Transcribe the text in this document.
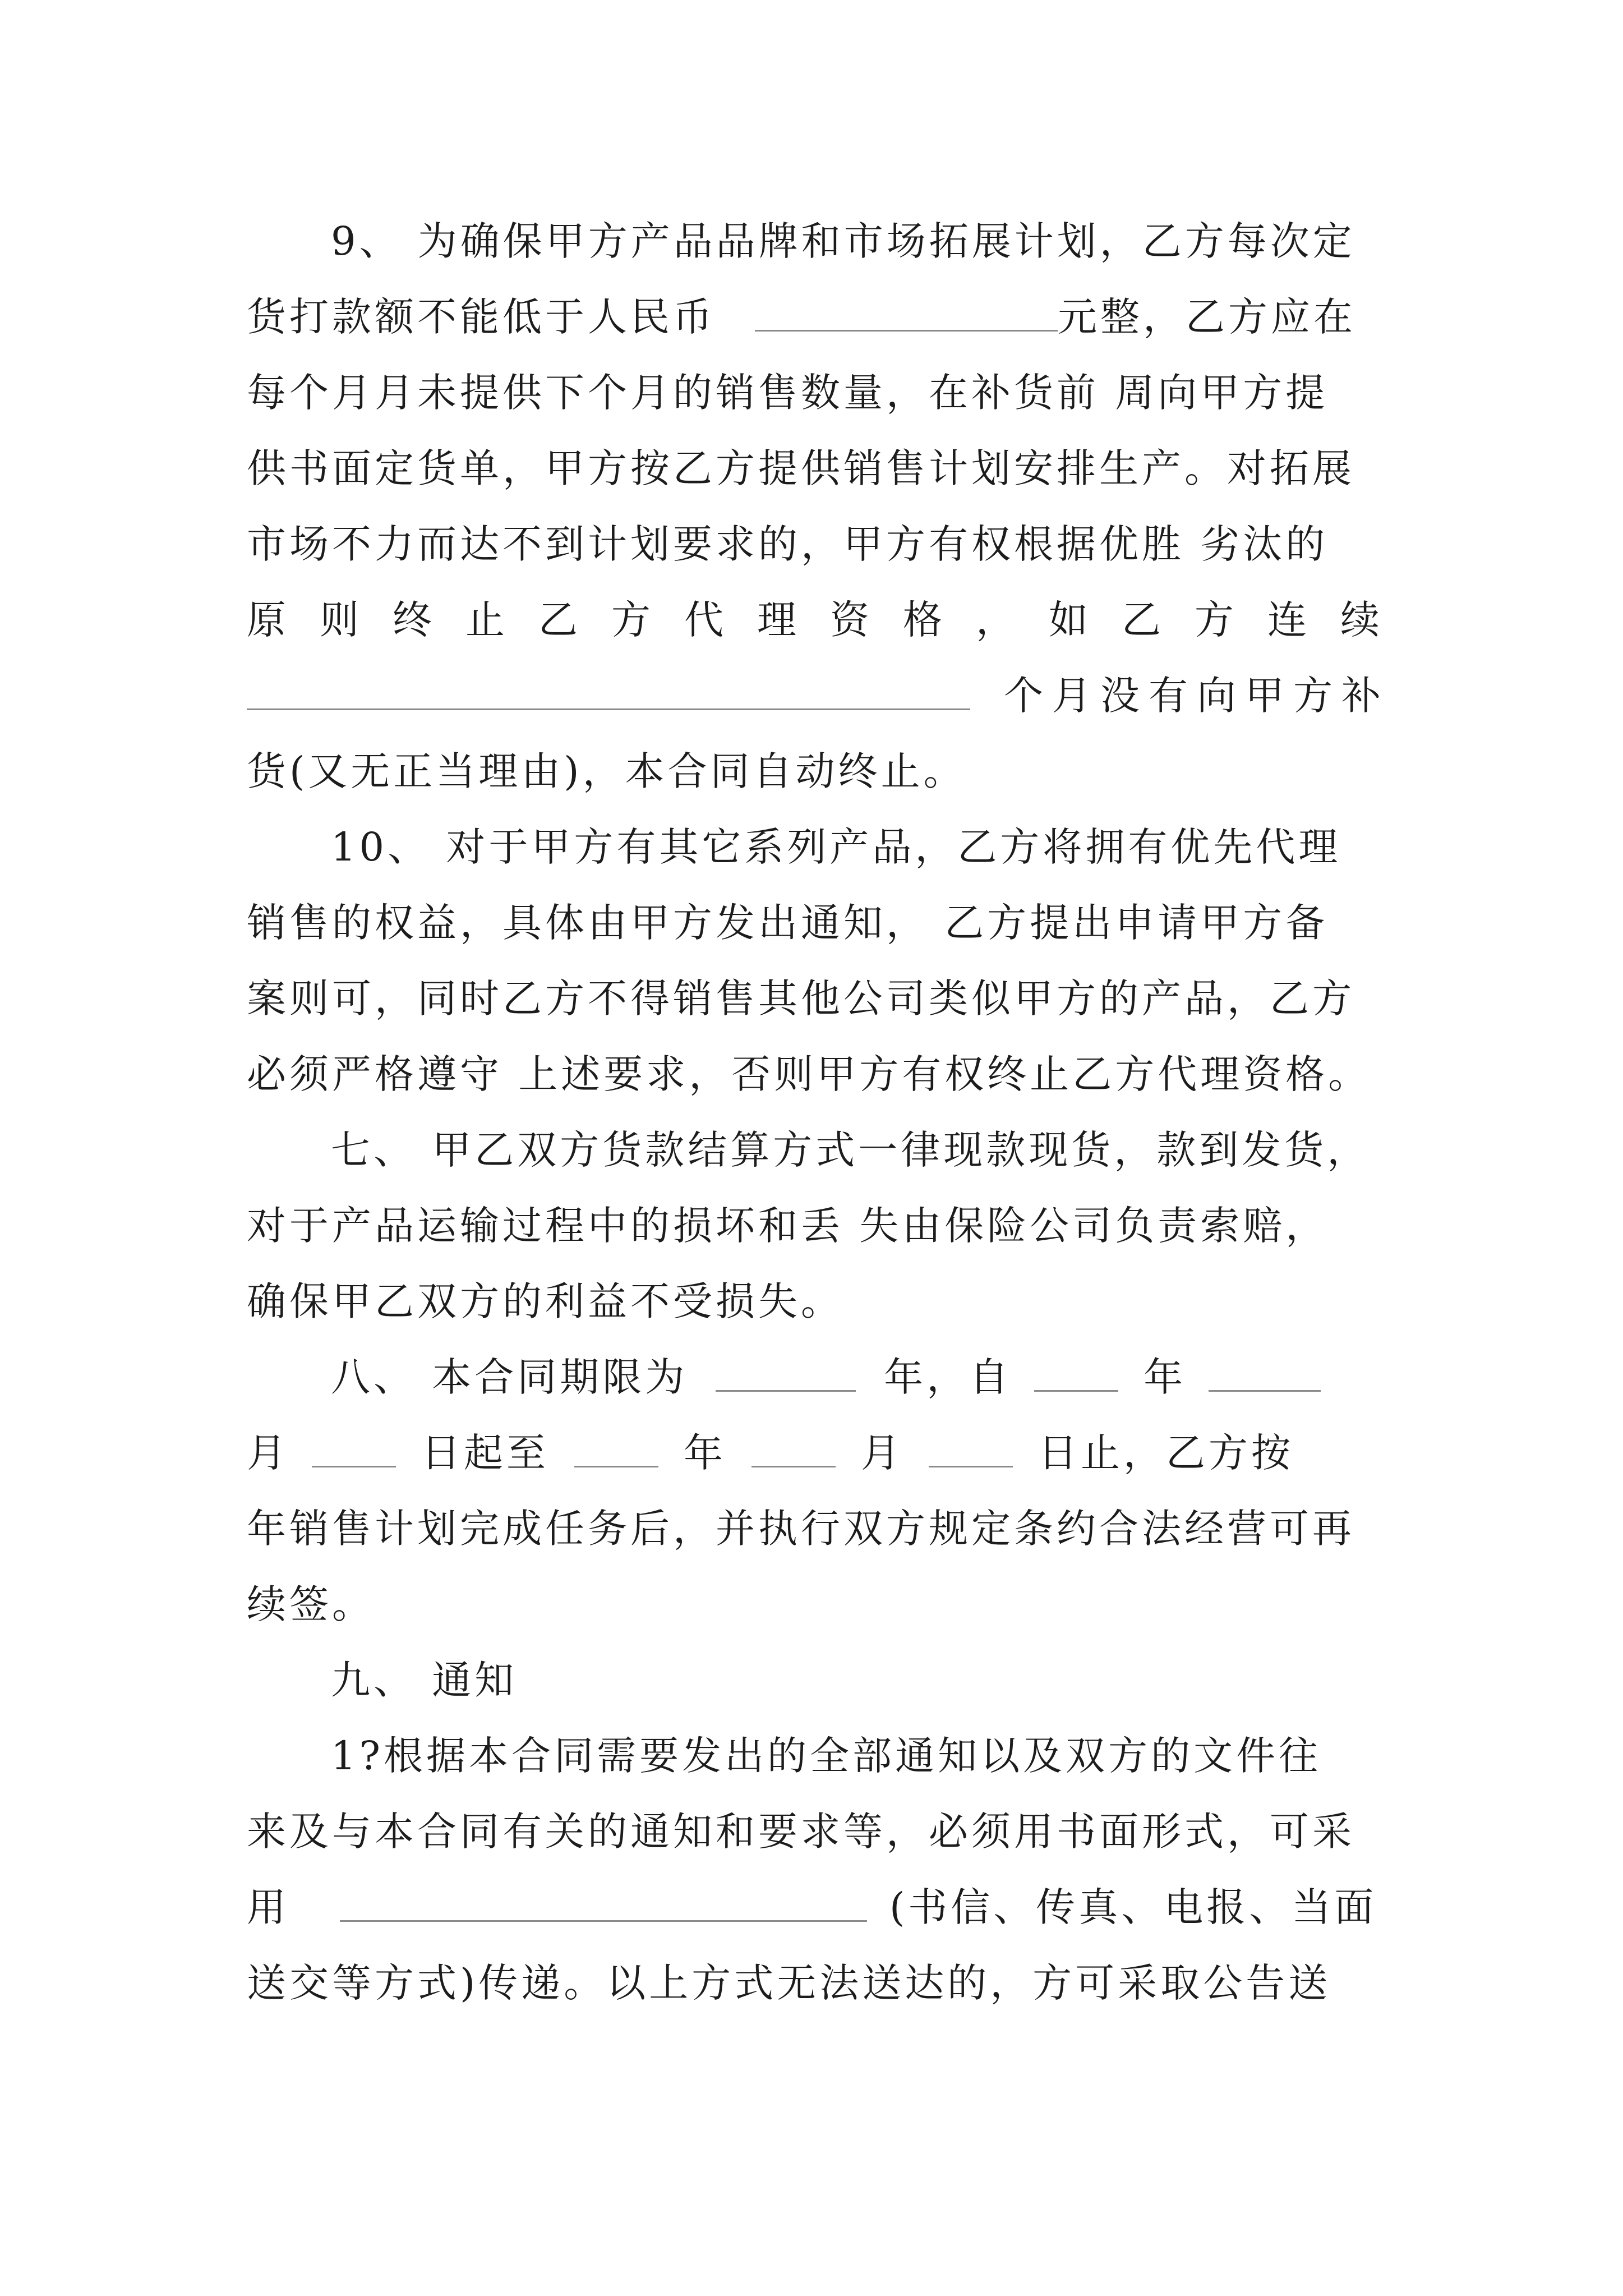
9、 为确保甲方产品品牌和市场拓展计划，乙方每次定
货打款额不能低于人民币	元整，乙方应在
每个月月未提供下个月的销售数量，在补货前 周向甲方提
供书面定货单，甲方按乙方提供销售计划安排生产。对拓展
市场不力而达不到计划要求的，甲方有权根据优胜 劣汰的
原 则 终 止 乙 方 代 理 资 格 ， 如 乙 方 连 续
个月没有向甲方补
货(又无正当理由)，本合同自动终止。
10、 对于甲方有其它系列产品，乙方将拥有优先代理
销售的权益，具体由甲方发出通知， 乙方提出申请甲方备
案则可，同时乙方不得销售其他公司类似甲方的产品，乙方
必须严格遵守 上述要求，否则甲方有权终止乙方代理资格。
七、 甲乙双方货款结算方式一律现款现货，款到发货，
对于产品运输过程中的损坏和丢 失由保险公司负责索赔，
确保甲乙双方的利益不受损失。
八、 本合同期限为	年，自	年
月	日起至	年	月	日止，乙方按
年销售计划完成任务后，并执行双方规定条约合法经营可再
续签。
九、 通知
1?根据本合同需要发出的全部通知以及双方的文件往
来及与本合同有关的通知和要求等，必须用书面形式，可采
用	(书信、传真、电报、当面
送交等方式)传递。以上方式无法送达的，方可采取公告送
